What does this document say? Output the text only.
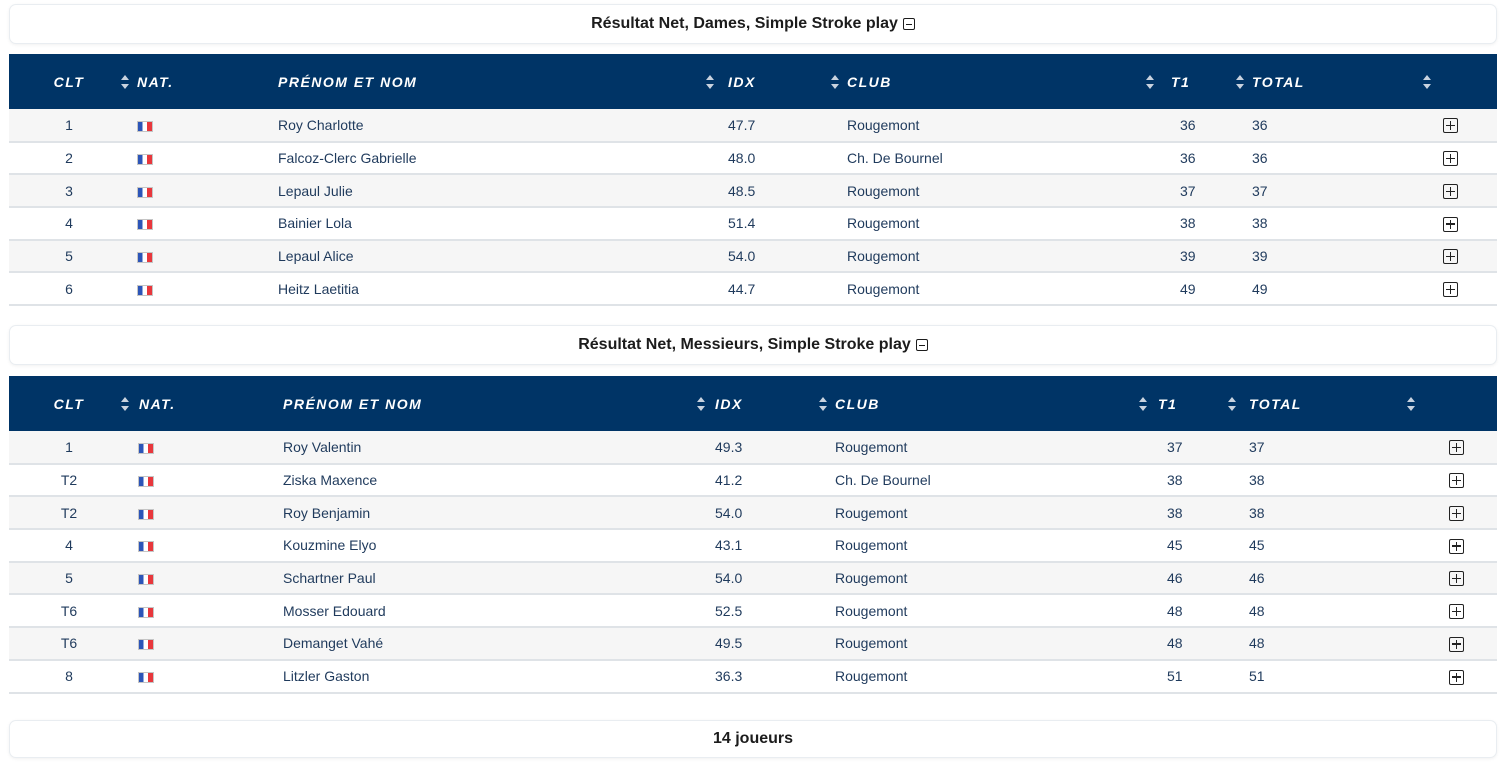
Résultat Net, Dames, Simple Stroke play
CLT	NAT.	PRÉNOM ET NOM	IDX	CLUB	T1	TOTAL

1		Roy Charlotte	47.7	Rougemont	36	36	
2		Falcoz-Clerc Gabrielle	48.0	Ch. De Bournel	36	36	
3		Lepaul Julie	48.5	Rougemont	37	37	
4		Bainier Lola	51.4	Rougemont	38	38	
5		Lepaul Alice	54.0	Rougemont	39	39	
6		Heitz Laetitia	44.7	Rougemont	49	49	
Résultat Net, Messieurs, Simple Stroke play
CLT	NAT.	PRÉNOM ET NOM	IDX	CLUB	T1	TOTAL

1		Roy Valentin	49.3	Rougemont	37	37	
T2		Ziska Maxence	41.2	Ch. De Bournel	38	38	
T2		Roy Benjamin	54.0	Rougemont	38	38	
4		Kouzmine Elyo	43.1	Rougemont	45	45	
5		Schartner Paul	54.0	Rougemont	46	46	
T6		Mosser Edouard	52.5	Rougemont	48	48	
T6		Demanget Vahé	49.5	Rougemont	48	48	
8		Litzler Gaston	36.3	Rougemont	51	51	
14 joueurs
